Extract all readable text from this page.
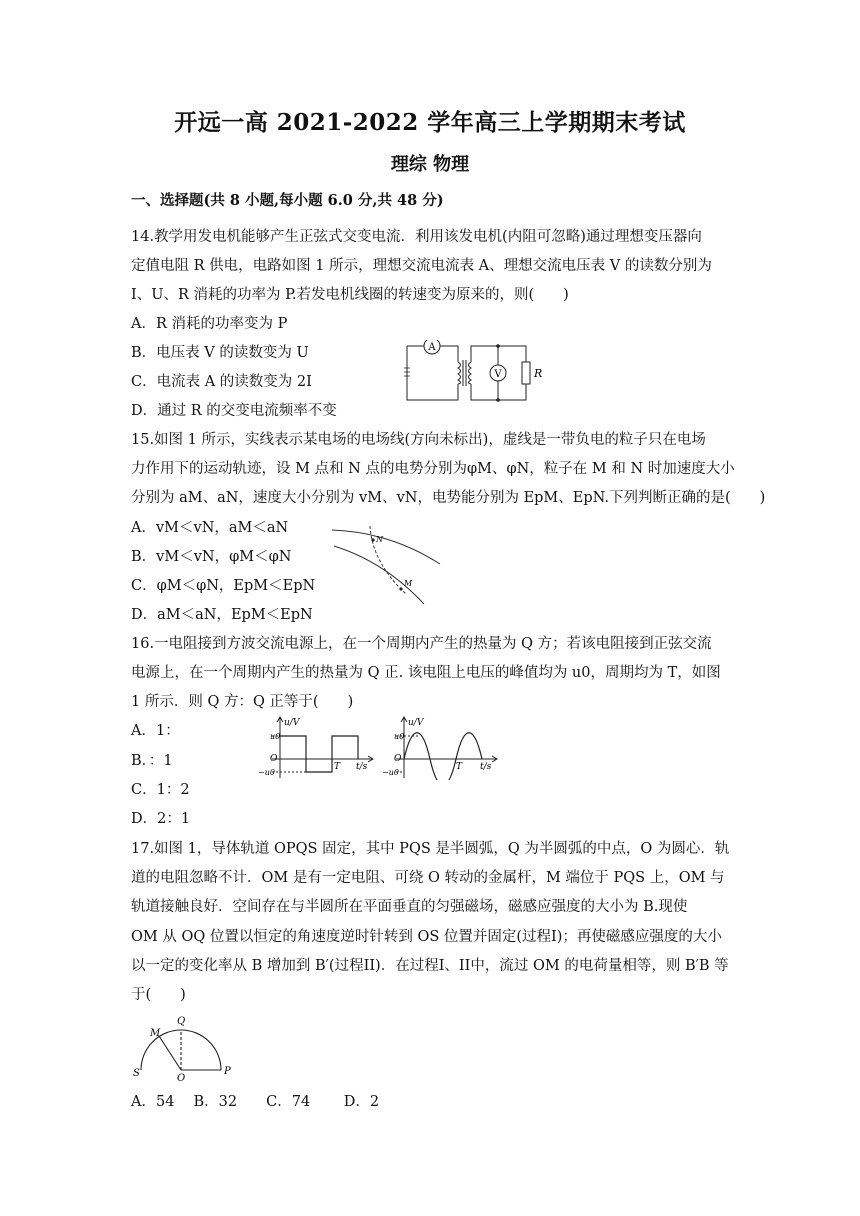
开远一高 2021-2022 学年高三上学期期末考试
理综 物理
一、选择题(共 8 小题,每小题 6.0 分,共 48 分)
14.教学用发电机能够产生正弦式交变电流．利用该发电机(内阻可忽略)通过理想变压器向
定值电阻 R 供电，电路如图 1 所示，理想交流电流表 A、理想交流电压表 V 的读数分别为
I、U、R 消耗的功率为 P.若发电机线圈的转速变为原来的，则(　　)
A．R 消耗的功率变为 P
B．电压表 V 的读数变为 U
C．电流表 A 的读数变为 2I
D．通过 R 的交变电流频率不变
A
V	R
15.如图 1 所示，实线表示某电场的电场线(方向未标出)，虚线是一带负电的粒子只在电场
力作用下的运动轨迹，设 M 点和 N 点的电势分别为φM、φN，粒子在 M 和 N 时加速度大小
分别为 aM、aN，速度大小分别为 vM、vN，电势能分别为 EpM、EpN.下列判断正确的是(　　)
A．vM＜vN，aM＜aN
B．vM＜vN，φM＜φN
C．φM＜φN，EpM＜EpN
D．aM＜aN，EpM＜EpN
N
M
16.一电阻接到方波交流电源上，在一个周期内产生的热量为 Q 方；若该电阻接到正弦交流
电源上，在一个周期内产生的热量为 Q 正. 该电阻上电压的峰值均为 u0，周期均为 T，如图
1 所示．则 Q 方：Q 正等于(　　)
A．1：
B．：1
C．1：2
D．2：1
u/V
u0
O
−u0
T t/s
u/V
u0
O
−u0
T t/s
17.如图 1，导体轨道 OPQS 固定，其中 PQS 是半圆弧，Q 为半圆弧的中点，O 为圆心．轨
道的电阻忽略不计．OM 是有一定电阻、可绕 O 转动的金属杆，M 端位于 PQS 上，OM 与
轨道接触良好．空间存在与半圆所在平面垂直的匀强磁场，磁感应强度的大小为 B.现使
OM 从 OQ 位置以恒定的角速度逆时针转到 OS 位置并固定(过程I)；再使磁感应强度的大小
以一定的变化率从 B 增加到 B′(过程II)．在过程I、II中，流过 OM 的电荷量相等，则 B′B 等
于(　　)
M
Q
S	O
P
A．54　 B．32　　C．74　　 D．2
